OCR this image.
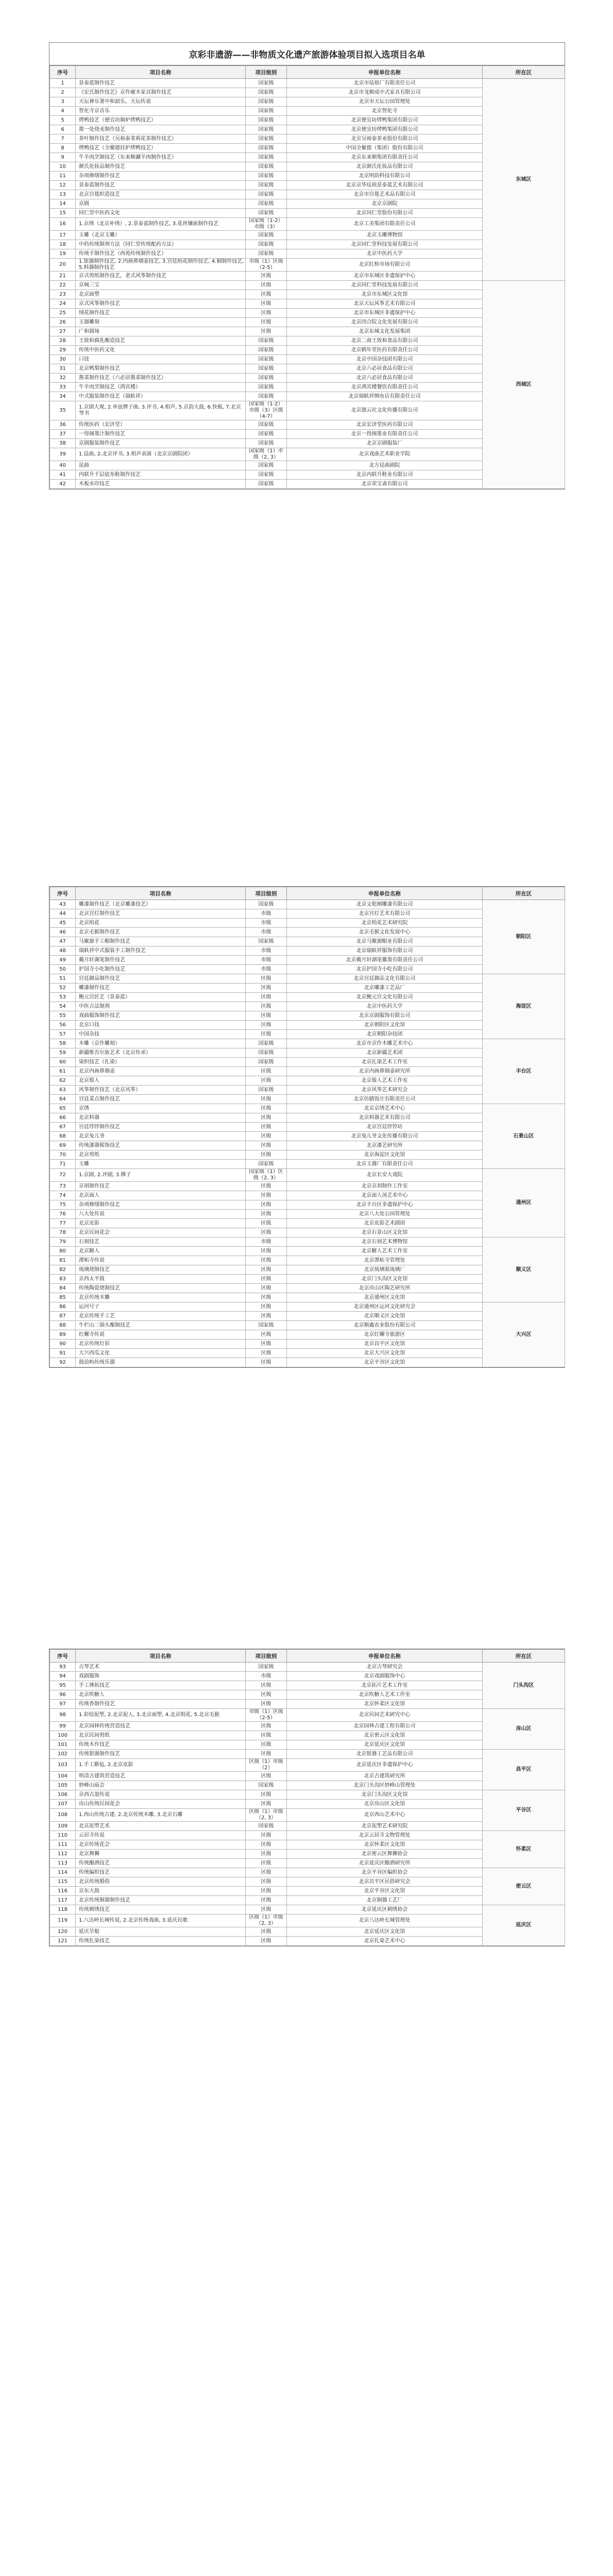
京彩非遗游——非物质文化遗产旅游体验项目拟入选项目名单
序号	项目名称	项目级别	申报单位名称	所在区
1	景泰蓝制作技艺	国家级	北京市珐琅厂有限责任公司	东城区
2	《宏氏制作技艺》京作硬木家具制作技艺	国家级	北京市龙顺成中式家具有限公司	
3	天坛神乐署中和韶乐，天坛传说	国家级	北京市天坛公园管理处	
4	智化寺京音乐	国家级	北京智化寺	
5	烤鸭技艺（便宜坊焖炉烤鸭技艺）	国家级	北京便宜坊烤鸭集团有限公司	
6	都一处烧麦制作技艺	国家级	北京便宜坊烤鸭集团有限公司	
7	茶叶制作技艺（吴裕泰茉莉花茶制作技艺）	国家级	北京吴裕泰茶业股份有限公司	
8	烤鸭技艺（全聚德挂炉烤鸭技艺）	国家级	中国全聚德（集团）股份有限公司	
9	牛羊肉烹制技艺（东来顺涮羊肉制作技艺）	国家级	北京东来顺集团有限责任公司	
10	颜氏化妆品制作技艺	国家级	北京颜氏化妆品有限公司	
11	杂项修缮制作技艺	国家级	北京明韵科技有限公司	
12	景泰蓝制作技艺	国家级	北京京华珐琅景泰蓝艺术有限公司	
13	北京宫毯织造技艺	国家级	北京市宫毯艺术品有限公司	
14	京剧	国家级	北京京剧院	
15	同仁堂中医药文化	国家级	北京同仁堂股份有限公司	
16	1.京绣（北京补绣）, 2.景泰蓝制作技艺, 3.花丝镶嵌制作技艺	国家级（1-2）市级（3）	北京工美集团有限责任公司	
17	玉雕（北京玉雕）	国家级	北京玉雕博物馆	
18	中药传统制剂方法（同仁堂传统配药方法）	国家级	北京同仁堂科技发展有限公司	
19	传统手制作技艺（西苑传统制作技艺）	国家级	北京中医药大学	
20	1.银器制作技艺, 2.内画鼻烟壶技艺, 3.宫廷绢花制作技艺, 4.铜制作技艺, 5.料器制作技艺	市级（1）区级（2-5）	北京红桥市场有限公司	
21	京式剪纸制作技艺，老式风筝制作技艺	区级	北京市东城区非遗保护中心	
22	京城三宝	区级	北京同仁堂科技发展有限公司	西城区
23	北京面塑	区级	北京市东城区文化馆	
24	京式风筝制作技艺	区级	北京天坛风筝艺术有限公司	
25	绒花制作技艺	区级	北京市东城区非遗保护中心	
26	玉器雕刻	区级	北京四合院文化发展有限公司	
27	广和剧场	区级	北京东城文化发展集团	
28	王致和腐乳酿造技艺	国家级	北京二商王致和食品有限公司	
29	传统中医药文化	国家级	北京鹤年堂医药有限责任公司	
30	口技	国家级	北京中国杂技团有限公司	
31	北京鸭梨制作技艺	国家级	北京六必居食品有限公司	
32	酱菜制作技艺（六必居酱菜制作技艺）	国家级	北京六必居食品有限公司	
33	牛羊肉烹制技艺（鸿宾楼）	国家级	北京鸿宾楼餐饮有限责任公司	
34	中式服装制作技艺（瑞蚨祥）	国家级	北京瑞蚨祥绸布店有限责任公司	
35	1.京剧大观, 2.单弦牌子曲, 3.评书, 4.相声, 5.京韵大鼓, 6.快板, 7.北京琴书	国家级（1-2）市级（3）区级（4-7）	北京德云社文化传播有限公司	
36	传统医药（宏济堂）	国家级	北京宏济堂医药有限公司	
37	一得阁墨汁制作技艺	国家级	北京一得阁墨业有限责任公司	
38	京剧服装制作技艺	国家级	北京京剧服装厂	
39	1.昆曲, 2.北京评书, 3.相声表演（北京京剧院团）	国家级（1）市级（2, 3）	北京戏曲艺术职业学院	
40	昆曲	国家级	北方昆曲剧院	
41	内联升千层底布鞋制作技艺	国家级	北京内联升鞋业有限公司	
42	木板水印技艺	国家级	北京荣宝斋有限公司	
序号	项目名称	项目级别	申报单位名称	所在区
43	雕漆制作技艺（北京雕漆技艺）	国家级	北京文乾刚雕漆有限公司	朝阳区
44	北京宫灯制作技艺	市级	北京宫灯艺术有限公司	
45	北京绢花	市级	北京绢花艺术研究院	
46	北京毛猴制作技艺	市级	北京毛猴文化发展中心	
47	马聚源手工帽制作技艺	国家级	北京马聚源帽业有限公司	
48	瑞蚨祥中式服装手工制作技艺	市级	北京瑞蚨祥服饰有限公司	
49	戴月轩湖笔制作技艺	市级	北京戴月轩湖笔徽墨有限责任公司	
50	护国寺小吃制作技艺	市级	北京护国寺小吃有限公司	
51	宫廷御品制作技艺	区级	北京宫廷御品文化有限公司	海淀区
52	雕漆制作技艺	区级	北京雕漆工艺品厂	
53	鲍元宫匠艺（景泰蓝）	区级	北京鲍元宫文化有限公司	
54	中医古法制剂	区级	北京中医药大学	
55	戏曲服饰制作技艺	区级	北京京剧服饰有限公司	
56	北京口技	区级	北京朝阳区文化馆	
57	中国杂技	区级	北京朝阳杂技团	
58	木雕（京作雕刻）	国家级	北京市京作木雕艺术中心	丰台区
59	新疆维吾尔族艺术（北京传承）	国家级	北京新疆艺术团	
60	染织技艺（扎染）	国家级	北京扎染艺术工作室	
61	北京内画鼻烟壶	区级	北京内画鼻烟壶研究所	
62	北京鬃人	区级	北京鬃人艺术工作室	
63	风筝制作技艺（北京风筝）	国家级	北京风筝艺术研究会	
64	宫廷菜点制作技艺	区级	北京仿膳饭庄有限责任公司	
65	京绣	区级	北京京绣艺术中心	石景山区
66	北京料器	区级	北京料器艺术有限公司	
67	宫廷饽饽制作技艺	区级	北京宫廷饽饽坊	
68	北京兔儿爷	区级	北京兔儿爷文化传播有限公司	
69	传统漆器髹饰技艺	区级	北京漆艺研究所	
70	北京剪纸	区级	北京海淀区文化馆	
71	玉雕	国家级	北京玉器厂有限责任公司	
72	1.京剧, 2.评剧, 3.梆子	国家级（1）区级（2, 3）	北京长安大戏院	通州区
73	京胡制作技艺	区级	北京京胡制作工作室	
74	北京面人	区级	北京面人汤艺术中心	
75	杂项修缮制作技艺	区级	北京丰台区非遗保护中心	
76	八大处传说	区级	北京八大处公园管理处	
77	北京皮影	区级	北京皮影艺术剧团	
78	北京民间花会	区级	北京石景山区文化馆	
79	石刻技艺	市级	北京石刻艺术博物馆	顺义区
80	北京糖人	区级	北京糖人艺术工作室	
81	潭柘寺传说	区级	北京潭柘寺管理处	
82	琉璃烧制技艺	区级	北京琉璃渠琉璃厂	
83	京西太平鼓	区级	北京门头沟区文化馆	
84	传统陶瓷烧制技艺	区级	北京房山区陶艺研究所	
85	北京传统木雕	区级	北京通州区文化馆	
86	运河号子	区级	北京通州区运河文化研究会	大兴区
87	北京传统手工艺	区级	北京顺义区文化馆	
88	牛栏山二锅头酿制技艺	国家级	北京顺鑫农业股份有限公司	
89	红螺寺传说	区级	北京红螺寺旅游区	
90	北京传统灯彩	区级	北京昌平区文化馆	
91	大兴西瓜文化	区级	北京大兴区文化馆	
92	鼓浪屿传统乐器	区级	北京平谷区文化馆	
序号	项目名称	项目级别	申报单位名称	所在区
93	古琴艺术	国家级	北京古琴研究会	门头沟区
94	戏剧服饰	市级	北京戏剧服饰中心	
95	手工捶拓技艺	区级	北京拓片艺术工作室	
96	北京吹糖人	区级	北京吹糖人艺术工作室	
97	传统香制作技艺	区级	北京怀柔区文化馆	
98	1.彩绘泥塑, 2.北京泥人, 3.北京面塑, 4.北京绢花, 5.北京毛猴	市级（1）区级（2-5）	北京民间艺术研究中心	房山区
99	北京园林传统营造技艺	区级	北京园林古建工程有限公司	
100	北京民间剪纸	区级	北京密云区文化馆	
101	传统木作技艺	区级	北京延庆区文化馆	
102	传统银器制作技艺	区级	北京银器工艺品有限公司	昌平区
103	1.手工擀毡, 2.北京皮影	区级（1）市级（2）	北京延庆区非遗保护中心	
104	明清古建筑营造技艺	区级	北京古建筑研究所	
105	妙峰山庙会	国家级	北京门头沟区妙峰山管理处	
106	京西古道传说	区级	北京门头沟区文化馆	平谷区
107	房山传统民间花会	区级	北京房山区文化馆	
108	1.西山传统古建, 2.北京传统木雕, 3.北京石雕	区级（1）市级（2, 3）	北京西山艺术中心	
109	北京泥塑艺术	国家级	北京泥塑艺术研究院	
110	云居寺传说	区级	北京云居寺文物管理处	怀柔区
111	北京传统花会	区级	北京怀柔区文化馆	
112	北京舞狮	区级	北京密云区舞狮协会	
113	传统酿酒技艺	区级	北京延庆区酿酒研究所	
114	传统编织技艺	区级	北京平谷区编织协会	密云区
115	北京传统婚俗	区级	北京昌平区民俗研究会	
116	京东大鼓	区级	北京平谷区文化馆	
117	北京传统铜器制作技艺	区级	北京铜器工艺厂	
118	传统刺绣技艺	区级	北京延庆区刺绣协会	延庆区
119	1.八达岭长城传说, 2.北京传统戏曲, 3.延庆民歌	区级（1）市级（2, 3）	北京八达岭长城管理处	
120	延庆旱船	区级	北京延庆区文化馆	
121	传统扎染技艺	区级	北京扎染艺术中心	
